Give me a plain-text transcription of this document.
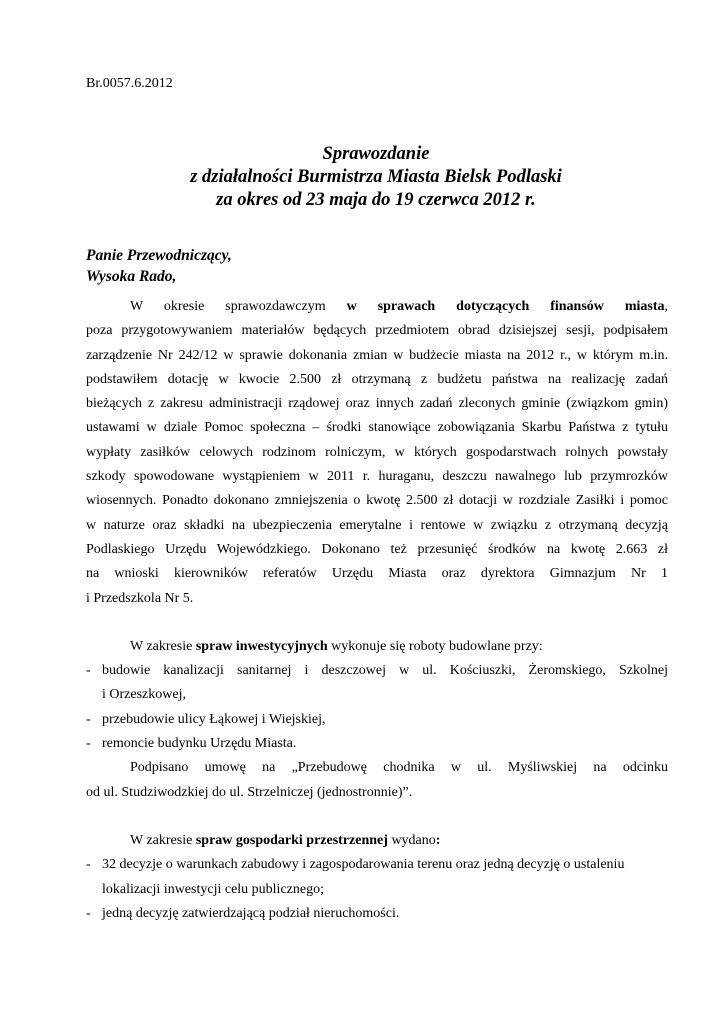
Br.0057.6.2012
Sprawozdanie
z działalności Burmistrza Miasta Bielsk Podlaski
za okres od 23 maja do 19 czerwca 2012 r.
Panie Przewodniczący,
Wysoka Rado,
W okresie sprawozdawczym w sprawach dotyczących finansów miasta,
poza przygotowywaniem materiałów będących przedmiotem obrad dzisiejszej sesji, podpisałem
zarządzenie Nr 242/12 w sprawie dokonania zmian w budżecie miasta na 2012 r., w którym m.in.
podstawiłem dotację w kwocie 2.500 zł otrzymaną z budżetu państwa na realizację zadań
bieżących z zakresu administracji rządowej oraz innych zadań zleconych gminie (związkom gmin)
ustawami w dziale Pomoc społeczna – środki stanowiące zobowiązania Skarbu Państwa z tytułu
wypłaty zasiłków celowych rodzinom rolniczym, w których gospodarstwach rolnych powstały
szkody spowodowane wystąpieniem w 2011 r. huraganu, deszczu nawalnego lub przymrozków
wiosennych. Ponadto dokonano zmniejszenia o kwotę 2.500 zł dotacji w rozdziale Zasiłki i pomoc
w naturze oraz składki na ubezpieczenia emerytalne i rentowe w związku z otrzymaną decyzją
Podlaskiego Urzędu Wojewódzkiego. Dokonano też przesunięć środków na kwotę 2.663 zł
na wnioski kierowników referatów Urzędu Miasta oraz dyrektora Gimnazjum Nr 1
i Przedszkola Nr 5.
W zakresie spraw inwestycyjnych wykonuje się roboty budowlane przy:
- budowie kanalizacji sanitarnej i deszczowej w ul. Kościuszki, Żeromskiego, Szkolnej
i Orzeszkowej,
- przebudowie ulicy Łąkowej i Wiejskiej,
- remoncie budynku Urzędu Miasta.
Podpisano umowę na „Przebudowę chodnika w ul. Myśliwskiej na odcinku
od ul. Studziwodzkiej do ul. Strzelniczej (jednostronnie)”.
W zakresie spraw gospodarki przestrzennej wydano:
- 32 decyzje o warunkach zabudowy i zagospodarowania terenu oraz jedną decyzję o ustaleniu
lokalizacji inwestycji celu publicznego;
- jedną decyzję zatwierdzającą podział nieruchomości.
